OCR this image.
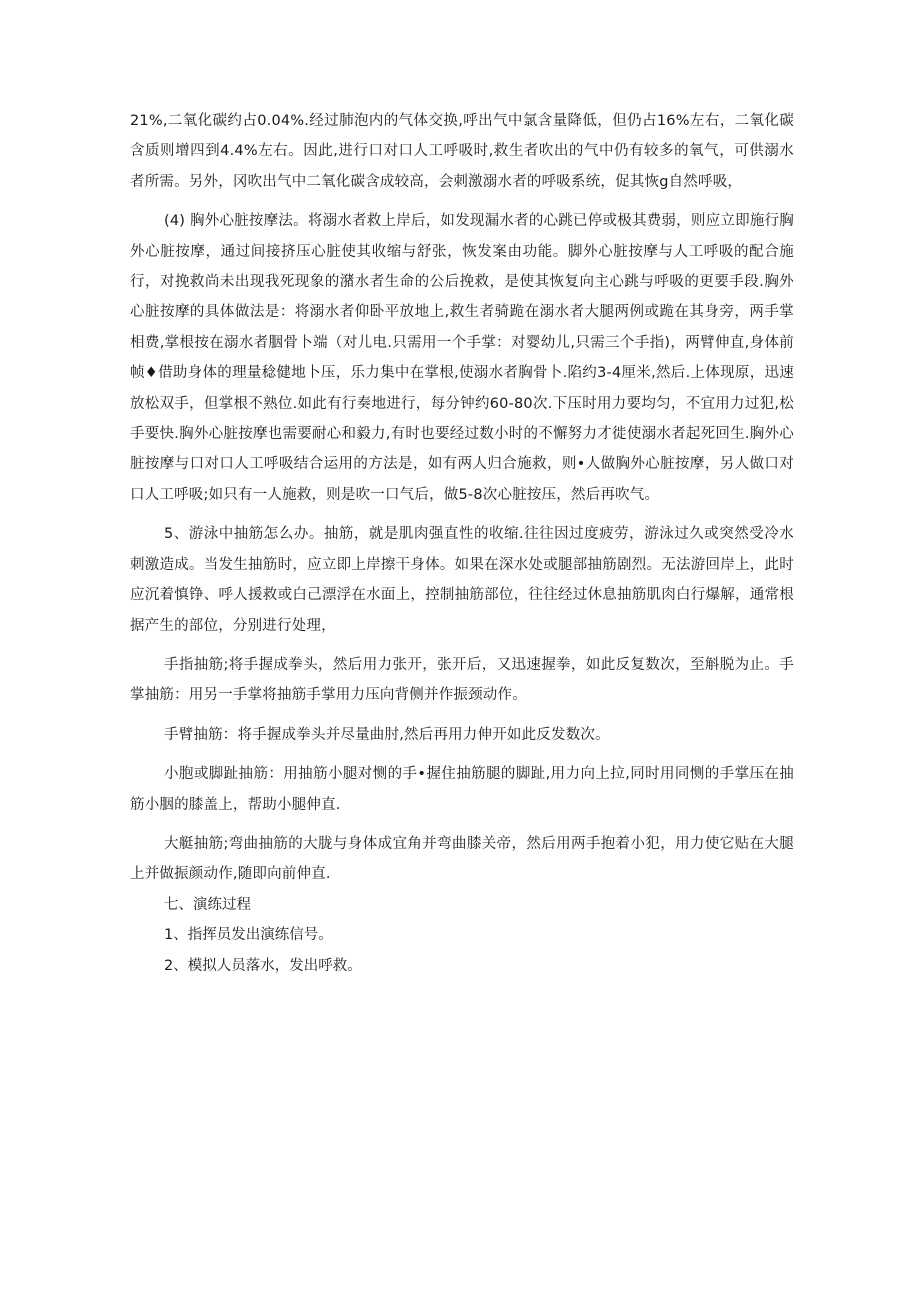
21%,二氧化碳约占0.04%.经过肺泡内的气体交换,呼出气中氯含量降低，但仍占16%左右，二氧化碳含质则增四到4.4%左右。因此,进行口对口人工呼吸时,救生者吹出的气中仍有较多的氧气，可供溺水者所需。另外，冈吹出气中二氧化碳含成较高，会刺激溺水者的呼吸系统，促其恢g自然呼吸，

(4) 胸外心脏按摩法。将溺水者救上岸后，如发现漏水者的心跳已停或极其费弱，则应立即施行胸外心脏按摩，通过间接挤压心脏使其收缩与舒张，恢发案由功能。脚外心脏按摩与人工呼吸的配合施行，对挽救尚未出现我死现象的潴水者生命的公后挽救，是使其恢复向主心跳与呼吸的更要手段.胸外心脏按摩的具体做法是：将溺水者仰卧平放地上,救生者骑跪在溺水者大腿两例或跪在其身旁，两手掌相费,掌根按在溺水者胭骨卜端（对儿电.只需用一个手掌：对婴幼儿,只需三个手指)，两臂伸直,身体前帧♦借助身体的理量稔健地卜压，乐力集中在掌根,使溺水者胸骨卜.陷约3-4厘米,然后.上体现原，迅速放松双手，但掌根不熟位.如此有行奏地进行，每分钟约60-80次.下压时用力要均匀，不宜用力过犯,松手要快.胸外心脏按摩也需要耐心和毅力,有时也要经过数小时的不懈努力才徙使溺水者起死回生.胸外心脏按摩与口对口人工呼吸结合运用的方法是，如有两人归合施救，则•人做胸外心脏按摩，另人做口对口人工呼吸;如只有一人施救，则是吹一口气后，做5-8次心脏按压，然后再吹气。

5、游泳中抽筋怎么办。抽筋，就是肌肉强直性的收缩.往往因过度疲劳，游泳过久或突然受冷水刺激造成。当发生抽筋时，应立即上岸擦干身体。如果在深水处或腿部抽筋剧烈。无法游回岸上，此时应沉着慎铮、呼人援救或白己漂浮在水面上，控制抽筋部位，往往经过休息抽筋肌肉白行爆解，通常根据产生的部位，分别进行处理，

手指抽筋;将手握成拳头，然后用力张开，张开后，又迅速握拳，如此反复数次，至斛脱为止。手掌抽筋：用另一手掌将抽筋手掌用力压向背侧并作振颈动作。

手臂抽筋：将手握成拳头并尽量曲肘,然后再用力伸开如此反发数次。

小胞或脚趾抽筋：用抽筋小腿对恻的手•握住抽筋腿的脚趾,用力向上拉,同时用同恻的手掌压在抽筋小胭的膝盖上，帮助小腿伸直.

大艇抽筋;弯曲抽筋的大胧与身体成宜角并弯曲膝关帝，然后用两手抱着小犯，用力使它贴在大腿上并做振颜动作,随即向前伸直.

七、演练过程

1、指挥员发出演练信号。

2、模拟人员落水，发出呼救。
